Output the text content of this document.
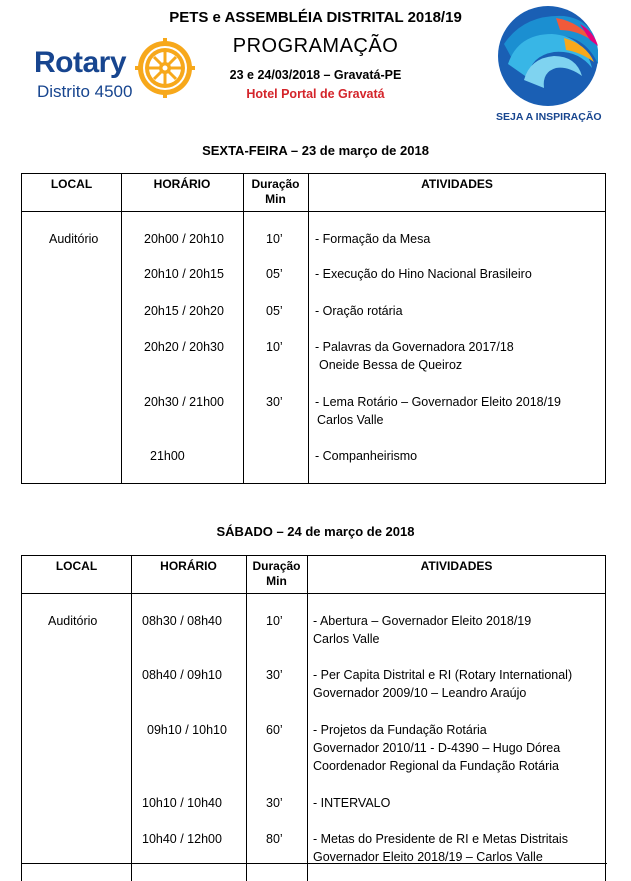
PETS e ASSEMBLÉIA DISTRITAL 2018/19
PROGRAMAÇÃO
23 e 24/03/2018 – Gravatá-PE
Hotel Portal de Gravatá
Rotary
Distrito 4500
SEJA A INSPIRAÇÃO
SEXTA-FEIRA – 23 de março de 2018
LOCAL	HORÁRIO	Duração
Min
ATIVIDADES
Auditório	20h00 / 20h10	10’	- Formação da Mesa
20h10 / 20h15	05’	- Execução do Hino Nacional Brasileiro
20h15 / 20h20	05’	- Oração rotária
20h20 / 20h30	10’	- Palavras da Governadora 2017/18
Oneide Bessa de Queiroz
20h30 / 21h00	30’	- Lema Rotário – Governador Eleito 2018/19
Carlos Valle
21h00	- Companheirismo
SÁBADO – 24 de março de 2018
LOCAL	HORÁRIO	Duração
Min
ATIVIDADES
Auditório	08h30 / 08h40	10’ - Abertura – Governador Eleito 2018/19
Carlos Valle
08h40 / 09h10	30’ - Per Capita Distrital e RI (Rotary International)
Governador 2009/10 – Leandro Araújo
09h10 / 10h10	60’ - Projetos da Fundação Rotária
Governador 2010/11 - D-4390 – Hugo Dórea
Coordenador Regional da Fundação Rotária
10h10 / 10h40	30’ - INTERVALO
10h40 / 12h00	80’ - Metas do Presidente de RI e Metas Distritais
Governador Eleito 2018/19 – Carlos Valle
